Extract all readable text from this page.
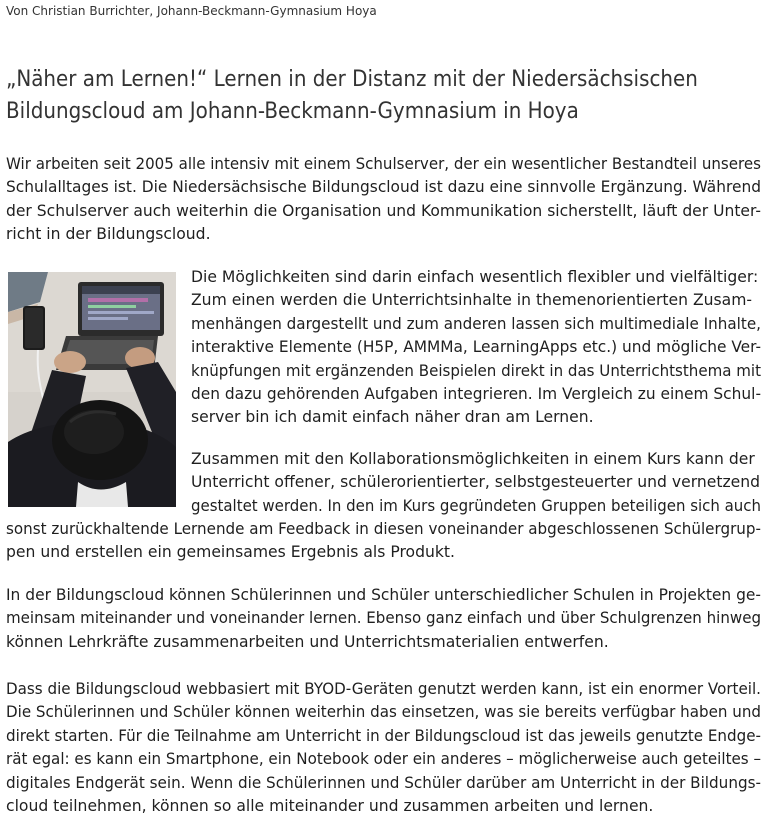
Von Christian Burrichter, Johann-Beckmann-Gymnasium Hoya
„Näher am Lernen!“ Lernen in der Distanz mit der Niedersächsischen
Bildungscloud am Johann-Beckmann-Gymnasium in Hoya
Wir arbeiten seit 2005 alle intensiv mit einem Schulserver, der ein wesentlicher Bestandteil unseres
Schulalltages ist. Die Niedersächsische Bildungscloud ist dazu eine sinnvolle Ergänzung. Während
der Schulserver auch weiterhin die Organisation und Kommunikation sicherstellt, läuft der Unter-
richt in der Bildungscloud.
Die Möglichkeiten sind darin einfach wesentlich flexibler und vielfältiger:
Zum einen werden die Unterrichtsinhalte in themenorientierten Zusam-
menhängen dargestellt und zum anderen lassen sich multimediale Inhalte,
interaktive Elemente (H5P, AMMMa, LearningApps etc.) und mögliche Ver-
knüpfungen mit ergänzenden Beispielen direkt in das Unterrichtsthema mit
den dazu gehörenden Aufgaben integrieren. Im Vergleich zu einem Schul-
server bin ich damit einfach näher dran am Lernen.
Zusammen mit den Kollaborationsmöglichkeiten in einem Kurs kann der
Unterricht offener, schülerorientierter, selbstgesteuerter und vernetzend
gestaltet werden. In den im Kurs gegründeten Gruppen beteiligen sich auch
sonst zurückhaltende Lernende am Feedback in diesen voneinander abgeschlossenen Schülergrup-
pen und erstellen ein gemeinsames Ergebnis als Produkt.
In der Bildungscloud können Schülerinnen und Schüler unterschiedlicher Schulen in Projekten ge-
meinsam miteinander und voneinander lernen. Ebenso ganz einfach und über Schulgrenzen hinweg
können Lehrkräfte zusammenarbeiten und Unterrichtsmaterialien entwerfen.
Dass die Bildungscloud webbasiert mit BYOD-Geräten genutzt werden kann, ist ein enormer Vorteil.
Die Schülerinnen und Schüler können weiterhin das einsetzen, was sie bereits verfügbar haben und
direkt starten. Für die Teilnahme am Unterricht in der Bildungscloud ist das jeweils genutzte Endge-
rät egal: es kann ein Smartphone, ein Notebook oder ein anderes – möglicherweise auch geteiltes –
digitales Endgerät sein. Wenn die Schülerinnen und Schüler darüber am Unterricht in der Bildungs-
cloud teilnehmen, können so alle miteinander und zusammen arbeiten und lernen.
